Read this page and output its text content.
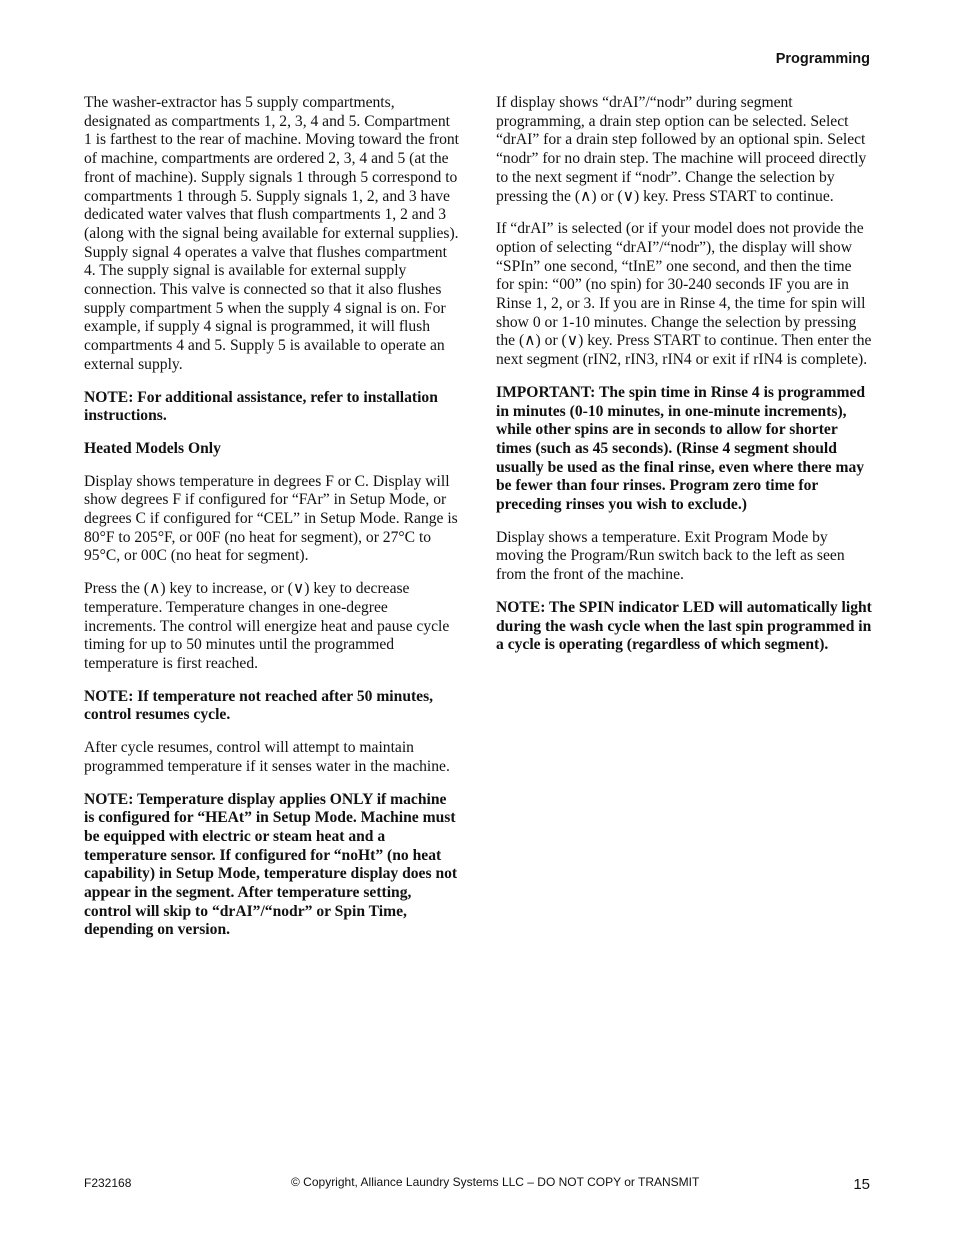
Programming

The washer-extractor has 5 supply compartments, designated as compartments 1, 2, 3, 4 and 5. Compartment 1 is farthest to the rear of machine. Moving toward the front of machine, compartments are ordered 2, 3, 4 and 5 (at the front of machine). Supply signals 1 through 5 correspond to compartments 1 through 5. Supply signals 1, 2, and 3 have dedicated water valves that flush compartments 1, 2 and 3 (along with the signal being available for external supplies). Supply signal 4 operates a valve that flushes compartment 4. The supply signal is available for external supply connection. This valve is connected so that it also flushes supply compartment 5 when the supply 4 signal is on. For example, if supply 4 signal is programmed, it will flush compartments 4 and 5. Supply 5 is available to operate an external supply.

NOTE: For additional assistance, refer to installation instructions.

Heated Models Only

Display shows temperature in degrees F or C. Display will show degrees F if configured for “FAr” in Setup Mode, or degrees C if configured for “CEL” in Setup Mode. Range is 80°F to 205°F, or 00F (no heat for segment), or 27°C to 95°C, or 00C (no heat for segment).

Press the (∧) key to increase, or (∨) key to decrease temperature. Temperature changes in one-degree increments. The control will energize heat and pause cycle timing for up to 50 minutes until the programmed temperature is first reached.

NOTE: If temperature not reached after 50 minutes, control resumes cycle.

After cycle resumes, control will attempt to maintain programmed temperature if it senses water in the machine.

NOTE: Temperature display applies ONLY if machine is configured for “HEAt” in Setup Mode. Machine must be equipped with electric or steam heat and a temperature sensor. If configured for “noHt” (no heat capability) in Setup Mode, temperature display does not appear in the segment. After temperature setting, control will skip to “drAI”/“nodr” or Spin Time, depending on version.

If display shows “drAI”/“nodr” during segment programming, a drain step option can be selected. Select “drAI” for a drain step followed by an optional spin. Select “nodr” for no drain step. The machine will proceed directly to the next segment if “nodr”. Change the selection by pressing the (∧) or (∨) key. Press START to continue.

If “drAI” is selected (or if your model does not provide the option of selecting “drAI”/“nodr”), the display will show “SPIn” one second, “tInE” one second, and then the time for spin: “00” (no spin) for 30-240 seconds IF you are in Rinse 1, 2, or 3. If you are in Rinse 4, the time for spin will show 0 or 1-10 minutes. Change the selection by pressing the (∧) or (∨) key. Press START to continue. Then enter the next segment (rIN2, rIN3, rIN4 or exit if rIN4 is complete).

IMPORTANT: The spin time in Rinse 4 is programmed in minutes (0-10 minutes, in one-minute increments), while other spins are in seconds to allow for shorter times (such as 45 seconds). (Rinse 4 segment should usually be used as the final rinse, even where there may be fewer than four rinses. Program zero time for preceding rinses you wish to exclude.)

Display shows a temperature. Exit Program Mode by moving the Program/Run switch back to the left as seen from the front of the machine.

NOTE: The SPIN indicator LED will automatically light during the wash cycle when the last spin programmed in a cycle is operating (regardless of which segment).

F232168	© Copyright, Alliance Laundry Systems LLC – DO NOT COPY or TRANSMIT	15
